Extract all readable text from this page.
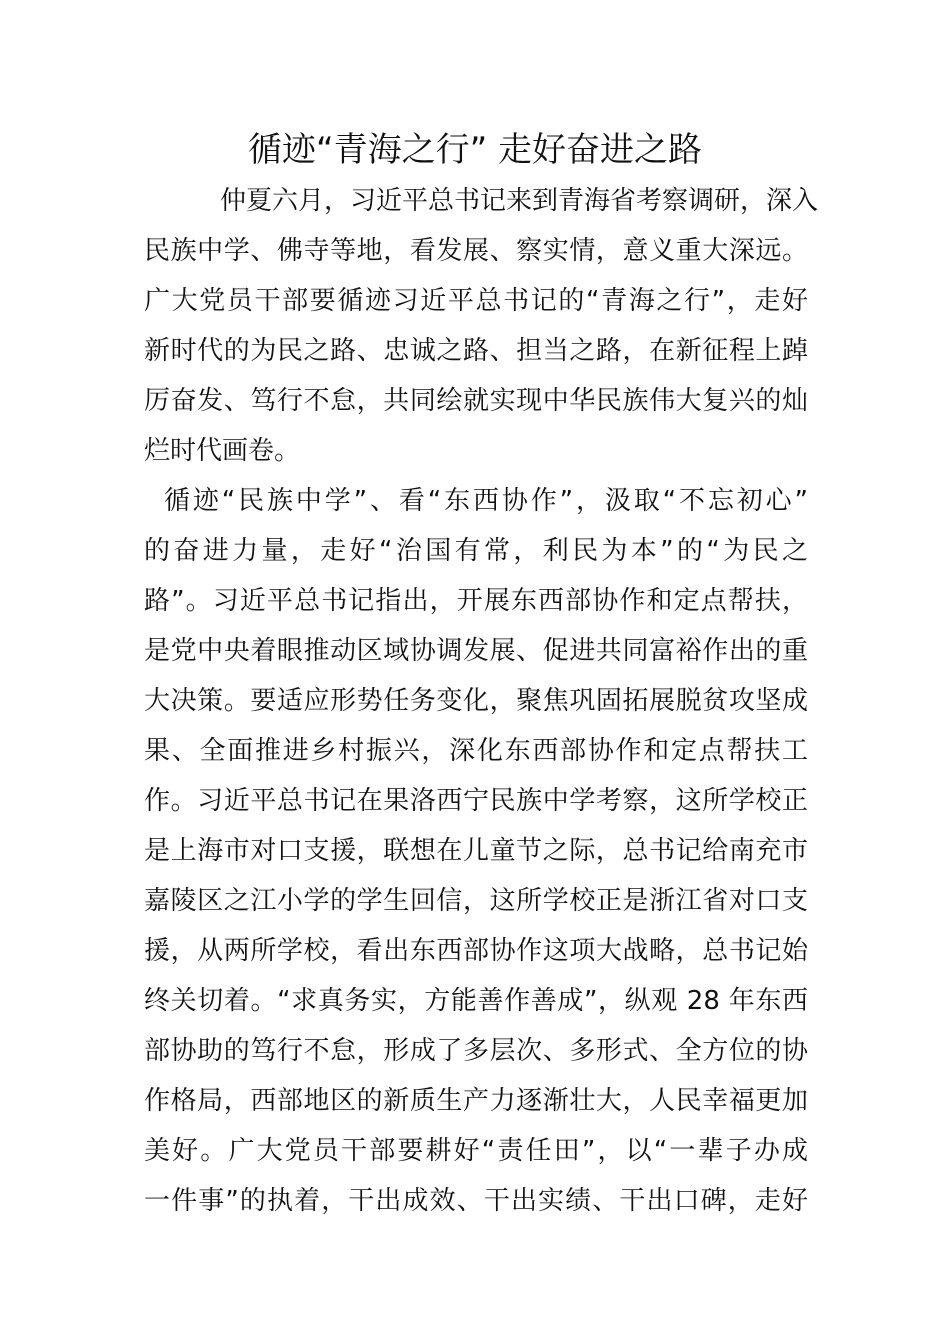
循迹“青海之行” 走好奋进之路
仲夏六月，习近平总书记来到青海省考察调研，深入
民族中学、佛寺等地，看发展、察实情，意义重大深远。
广大党员干部要循迹习近平总书记的“青海之行”，走好
新时代的为民之路、忠诚之路、担当之路，在新征程上踔
厉奋发、笃行不怠，共同绘就实现中华民族伟大复兴的灿
烂时代画卷。
循迹“民族中学”、看“东西协作”，汲取“不忘初心”
的奋进力量，走好“治国有常，利民为本”的“为民之
路”。习近平总书记指出，开展东西部协作和定点帮扶，
是党中央着眼推动区域协调发展、促进共同富裕作出的重
大决策。要适应形势任务变化，聚焦巩固拓展脱贫攻坚成
果、全面推进乡村振兴，深化东西部协作和定点帮扶工
作。习近平总书记在果洛西宁民族中学考察，这所学校正
是上海市对口支援，联想在儿童节之际，总书记给南充市
嘉陵区之江小学的学生回信，这所学校正是浙江省对口支
援，从两所学校，看出东西部协作这项大战略，总书记始
终关切着。“求真务实，方能善作善成”，纵观 28 年东西
部协助的笃行不怠，形成了多层次、多形式、全方位的协
作格局，西部地区的新质生产力逐渐壮大，人民幸福更加
美好。广大党员干部要耕好“责任田”，以“一辈子办成
一件事”的执着，干出成效、干出实绩、干出口碑，走好
